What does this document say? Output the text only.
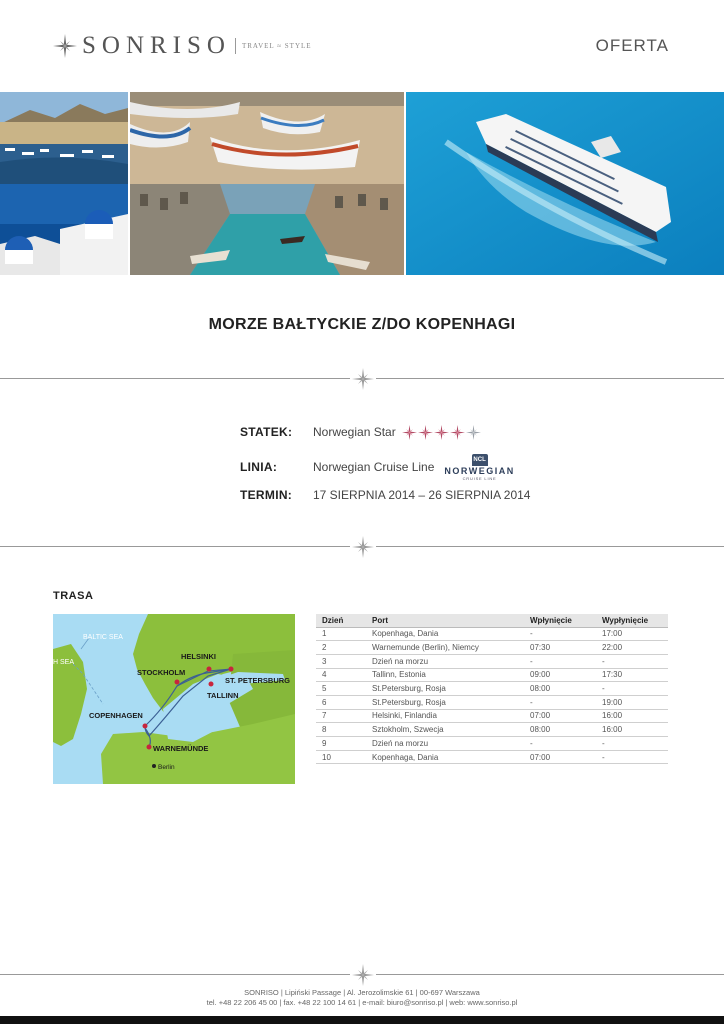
SONRISO TRAVEL ≈ STYLE	OFERTA
MORZE BAŁTYCKIE Z/DO KOPENHAGI
STATEK:	Norwegian Star
LINIA:	Norwegian Cruise Line
NCL
NORWEGIAN
CRUISE LINE
TERMIN:	17 SIERPNIA 2014 – 26 SIERPNIA 2014
TRASA
BALTIC SEA
H SEA
HELSINKI
STOCKHOLM
ST. PETERSBURG
TALLINN
COPENHAGEN
WARNEMÜNDE
Berlin
Dzień	Port	Wpłynięcie	Wypłynięcie
1	Kopenhaga, Dania	-	17:00
2	Warnemunde (Berlin), Niemcy	07:30	22:00
3	Dzień na morzu	-	-
4	Tallinn, Estonia	09:00	17:30
5	St.Petersburg, Rosja	08:00	-
6	St.Petersburg, Rosja	-	19:00
7	Helsinki, Finlandia	07:00	16:00
8	Sztokholm, Szwecja	08:00	16:00
9	Dzień na morzu	-	-
10	Kopenhaga, Dania	07:00	-
SONRISO | Lipiński Passage | Al. Jerozolimskie 61 | 00-697 Warszawa
tel. +48 22 206 45 00 | fax. +48 22 100 14 61 | e-mail: biuro@sonriso.pl | web: www.sonriso.pl
